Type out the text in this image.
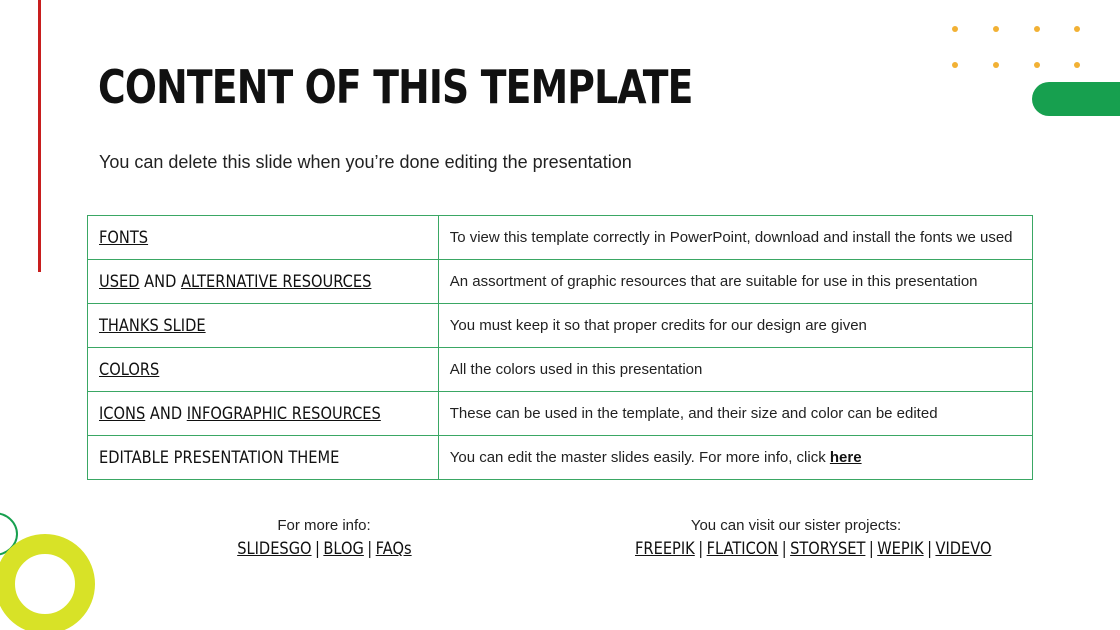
CONTENT OF THIS TEMPLATE
You can delete this slide when you’re done editing the presentation
FONTS	To view this template correctly in PowerPoint, download and install the fonts we used
USED AND ALTERNATIVE RESOURCES	An assortment of graphic resources that are suitable for use in this presentation
THANKS SLIDE	You must keep it so that proper credits for our design are given
COLORS	All the colors used in this presentation
ICONS AND INFOGRAPHIC RESOURCES	These can be used in the template, and their size and color can be edited
EDITABLE PRESENTATION THEME	You can edit the master slides easily. For more info, click here
For more info:
SLIDESGO | BLOG | FAQs
You can visit our sister projects:
FREEPIK | FLATICON | STORYSET | WEPIK | VIDEVO
